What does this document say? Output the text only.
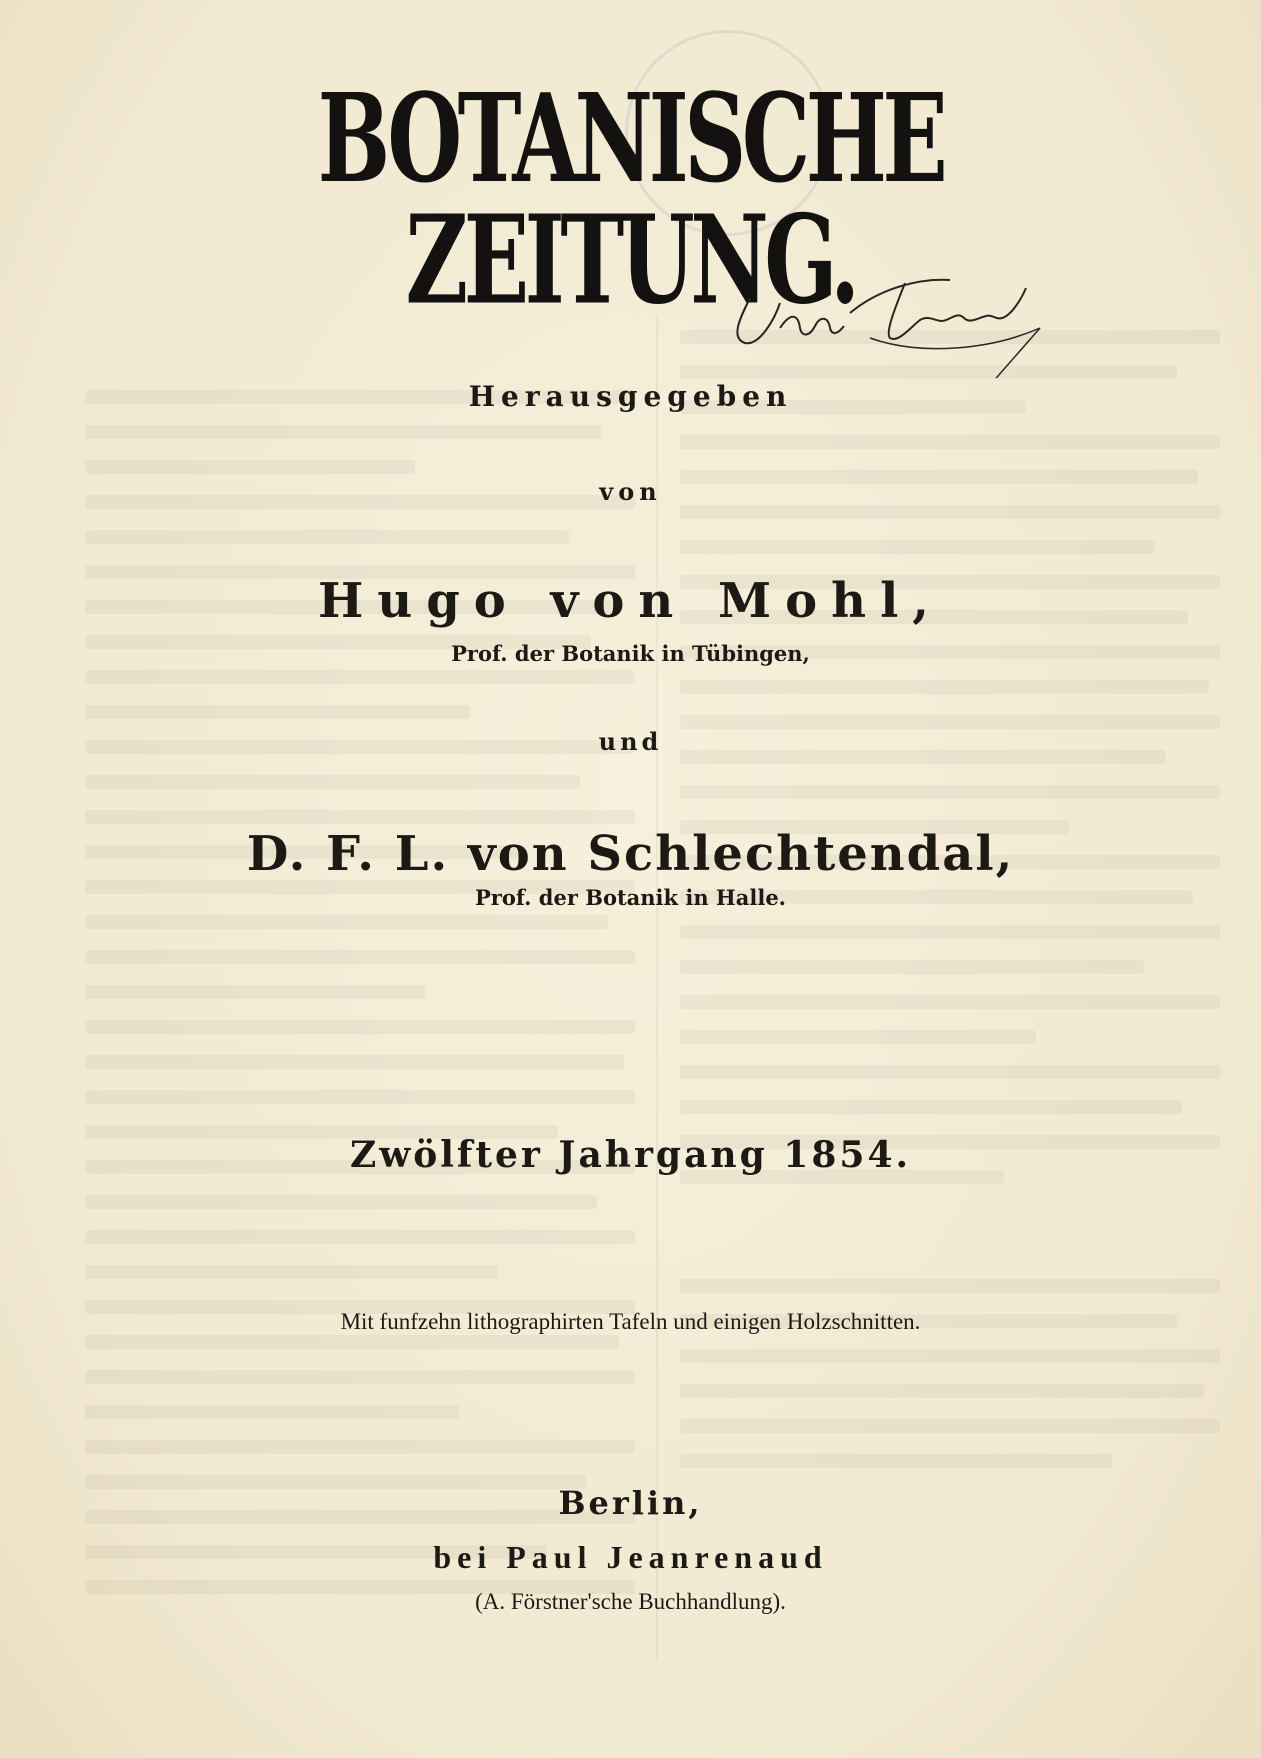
BOTANISCHE ZEITUNG.
Herausgegeben
von
Hugo von Mohl,
Prof. der Botanik in Tübingen,
und
D. F. L. von Schlechtendal,
Prof. der Botanik in Halle.
Zwölfter Jahrgang 1854.
Mit funfzehn lithographirten Tafeln und einigen Holzschnitten.
Berlin,
bei Paul Jeanrenaud
(A. Förstner'sche Buchhandlung).
